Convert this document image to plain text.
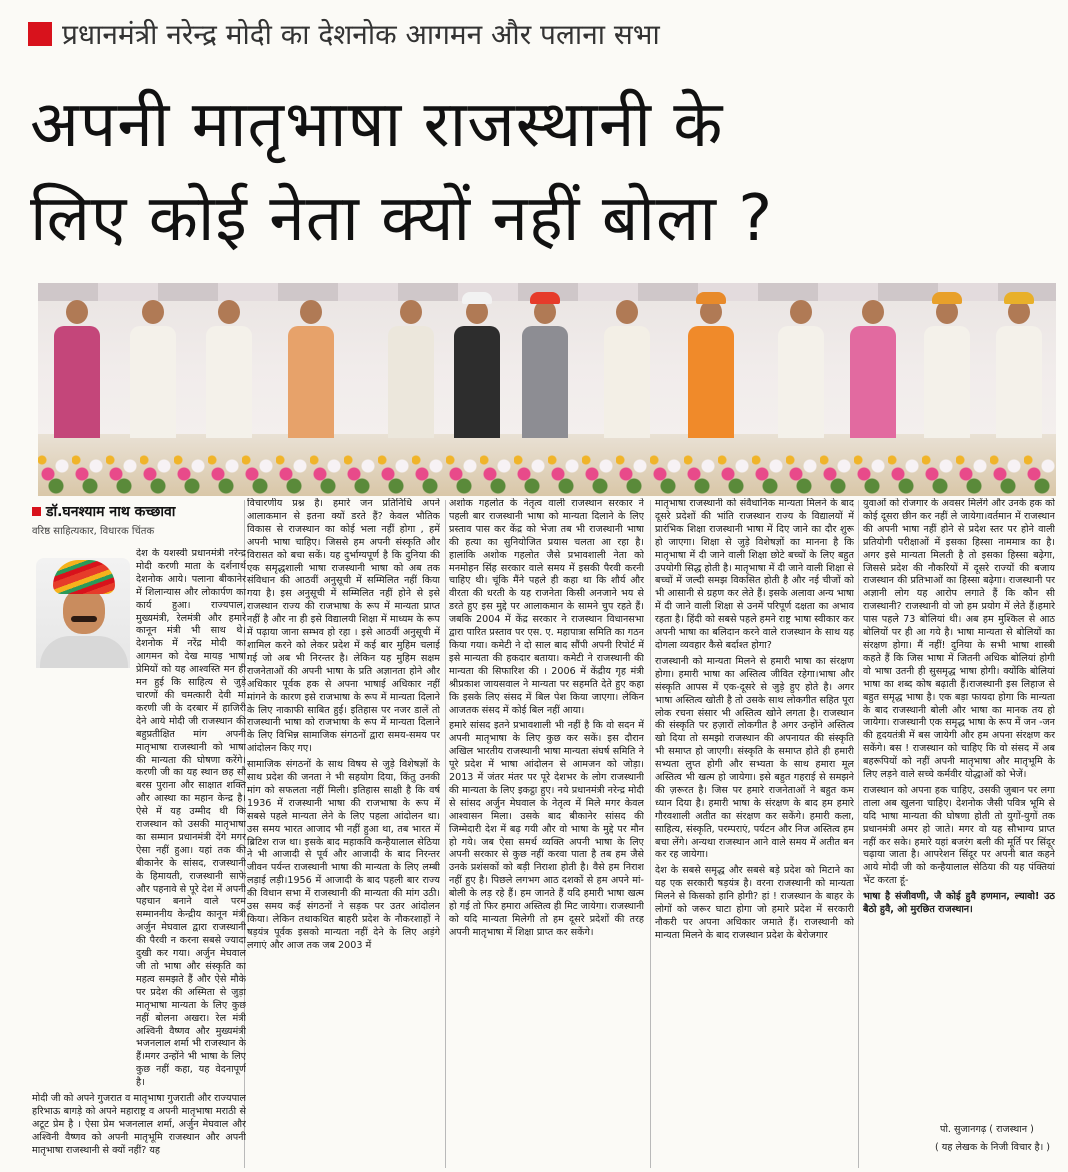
प्रधानमंत्री नरेन्द्र मोदी का देशनोक आगमन और पलाना सभा
अपनी मातृभाषा राजस्थानी के
लिए कोई नेता क्यों नहीं बोला ?
डॉ.घनश्याम नाथ कच्छावा
वरिष्ठ साहित्यकार, विधारक चिंतक

देश के यशस्वी प्रधानमंत्री नरेन्द्र मोदी करणी माता के दर्शनार्थ देशनोक आये। पलाना बीकानेर में शिलान्यास और लोकार्पण का कार्य हुआ। राज्यपाल, मुख्यमंत्री, रेलमंत्री और हमारे कानून मंत्री भी साथ थे। देशनोक में नरेंद्र मोदी का आगमन को देख मायड़ भाषा प्रेमियों को यह आश्वस्ति मन ही मन हुई कि साहित्य से जुड़े चारणों की चमत्कारी देवी मां करणी जी के दरबार में हाजिरी देने आये मोदी जी राजस्थान की बहुप्रतीक्षित मांग अपनी मातृभाषा राजस्थानी को भाषा की मान्यता की घोषणा करेंगे। करणी जी का यह स्थान छह सौ बरस पुराना और साक्षात शक्ति और आस्था का महान केन्द्र है। ऐसे में यह उम्मीद थी कि राजस्थान को उसकी मातृभाषा का सम्मान प्रधानमंत्री देंगे मगर ऐसा नहीं हुआ। यहां तक की बीकानेर के सांसद, राजस्थानी के हिमायती, राजस्थानी साफे और पहनावे से पूरे देश में अपनी पहचान बनाने वाले परम सम्माननीय केन्द्रीय कानून मंत्री अर्जुन मेघवाल द्वारा राजस्थानी की पैरवी न करना सबसे ज्यादा दुखी कर गया। अर्जुन मेघवाल जी तो भाषा और संस्कृति का महत्व समझते हैं और ऐसे मौके पर प्रदेश की अस्मिता से जुड़ा मातृभाषा मान्यता के लिए कुछ नहीं बोलना अखरा। रेल मंत्री अश्विनी वैष्णव और मुख्यमंत्री भजनलाल शर्मा भी राजस्थान के हैं।मगर उन्होंने भी भाषा के लिए कुछ नहीं कहा, यह वेदनापूर्ण है।

मोदी जी को अपने गुजरात व मातृभाषा गुजराती और राज्यपाल हरिभाऊ बागड़े को अपने महाराष्ट्र व अपनी मातृभाषा मराठी से अटूट प्रेम है । ऐसा प्रेम भजनलाल शर्मा, अर्जुन मेघवाल और अश्विनी वैष्णव को अपनी मातृभूमि राजस्थान और अपनी मातृभाषा राजस्थानी से क्यों नहीं? यह

विचारणीय प्रश्न है। हमारे जन प्रतिनिधि अपने आलाकमान से इतना क्यों डरते हैं? केवल भौतिक विकास से राजस्थान का कोई भला नहीं होगा , हमें अपनी भाषा चाहिए। जिससे हम अपनी संस्कृति और विरासत को बचा सकें। यह दुर्भाग्यपूर्ण है कि दुनिया की एक समृद्धशाली भाषा राजस्थानी भाषा को अब तक संविधान की आठवीं अनुसूची में सम्मिलित नहीं किया गया है। इस अनुसूची में सम्मिलित नहीं होने से इसे राजस्थान राज्य की राजभाषा के रूप में मान्यता प्राप्त नहीं है और ना ही इसे विद्यालयी शिक्षा में माध्यम के रूप में पढ़ाया जाना सम्भव हो रहा । इसे आठवीं अनुसूची में शामिल करने को लेकर प्रदेश में कई बार मुहिम चलाई गई जो अब भी निरन्तर है। लेकिन यह मुहिम सक्षम राजनेताओं की अपनी भाषा के प्रति अज्ञानता होने और अधिकार पूर्वक हक से अपना भाषाई अधिकार नहीं मांगने के कारण इसे राजभाषा के रूप में मान्यता दिलाने के लिए नाकाफी साबित हुई। इतिहास पर नजर डालें तो राजस्थानी भाषा को राजभाषा के रूप में मान्यता दिलाने के लिए विभिन्न सामाजिक संगठनों द्वारा समय-समय पर आंदोलन किए गए।

सामाजिक संगठनों के साथ विषय से जुड़े विशेषज्ञों के साथ प्रदेश की जनता ने भी सहयोग दिया, किंतु उनकी मांग को सफलता नहीं मिली। इतिहास साक्षी है कि वर्ष 1936 में राजस्थानी भाषा की राजभाषा के रूप में सबसे पहले मान्यता लेने के लिए पहला आंदोलन था। उस समय भारत आजाद भी नहीं हुआ था, तब भारत में ब्रिटिश राज था। इसके बाद महाकवि कन्हैयालाल सेठिया ने भी आजादी से पूर्व और आजादी के बाद निरन्तर जीवन पर्यन्त राजस्थानी भाषा की मान्यता के लिए लम्बी लड़ाई लड़ी।1956 में आजादी के बाद पहली बार राज्य की विधान सभा में राजस्थानी की मान्यता की मांग उठी। उस समय कई संगठनों ने सड़क पर उतर आंदोलन किया। लेकिन तथाकथित बाहरी प्रदेश के नौकरशाहों ने षड़यंत्र पूर्वक इसको मान्यता नहीं देने के लिए अड़ंगे लगाएं और आज तक जब 2003 में

अशोक गहलोत के नेतृत्व वाली राजस्थान सरकार ने पहली बार राजस्थानी भाषा को मान्यता दिलाने के लिए प्रस्ताव पास कर केंद्र को भेजा तब भी राजस्थानी भाषा की हत्या का सुनियोजित प्रयास चलता आ रहा है। हालांकि अशोक गहलोत जैसे प्रभावशाली नेता को मनमोहन सिंह सरकार वाले समय में इसकी पैरवी करनी चाहिए थी। चूंकि मैंने पहले ही कहा था कि शौर्य और वीरता की धरती के यह राजनेता किसी अनजाने भय से डरते हुए इस मुद्दे पर आलाकमान के सामने चुप रहते हैं। जबकि 2004 में केंद्र सरकार ने राजस्थान विधानसभा द्वारा पारित प्रस्ताव पर एस. ए. महापात्रा समिति का गठन किया गया। कमेटी ने दो साल बाद सौंपी अपनी रिपोर्ट में इसे मान्यता की हकदार बताया। कमेटी ने राजस्थानी की मान्यता की सिफारिश की । 2006 में केंद्रीय गृह मंत्री श्रीप्रकाश जायसवाल ने मान्यता पर सहमति देते हुए कहा कि इसके लिए संसद में बिल पेश किया जाएगा। लेकिन आजतक संसद में कोई बिल नहीं आया।

हमारे सांसद इतने प्रभावशाली भी नहीं है कि वो सदन में अपनी मातृभाषा के लिए कुछ कर सकें। इस दौरान अखिल भारतीय राजस्थानी भाषा मान्यता संघर्ष समिति ने पूरे प्रदेश में भाषा आंदोलन से आमजन को जोड़ा। 2013 में जंतर मंतर पर पूरे देशभर के लोग राजस्थानी की मान्यता के लिए इकट्ठा हुए। नये प्रधानमंत्री नरेन्द्र मोदी से सांसद अर्जुन मेघवाल के नेतृत्व में मिले मगर केवल आश्वासन मिला। उसके बाद बीकानेर सांसद की जिम्मेदारी देश में बढ़ गयी और वो भाषा के मुद्दे पर मौन हो गये। जब ऐसा समर्थ व्यक्ति अपनी भाषा के लिए अपनी सरकार से कुछ नहीं करवा पाता है तब हम जैसे उनके प्रशंसकों को बड़ी निराशा होती है। वैसे हम निराश नहीं हुए है। पिछले लगभग आठ दशकों से हम अपने मां- बोली के लड़ रहे हैं। हम जानते हैं यदि हमारी भाषा खत्म हो गई तो फिर हमारा अस्तित्व ही मिट जायेगा। राजस्थानी को यदि मान्यता मिलेगी तो हम दूसरे प्रदेशों की तरह अपनी मातृभाषा में शिक्षा प्राप्त कर सकेंगे।

मातृभाषा राजस्थानी को संवैधानिक मान्यता मिलने के बाद दूसरे प्रदेशों की भांति राजस्थान राज्य के विद्यालयों में प्रारंभिक शिक्षा राजस्थानी भाषा में दिए जाने का दौर शुरू हो जाएगा। शिक्षा से जुड़े विशेषज्ञों का मानना है कि मातृभाषा में दी जाने वाली शिक्षा छोटे बच्चों के लिए बहुत उपयोगी सिद्ध होती है। मातृभाषा में दी जाने वाली शिक्षा से बच्चों में जल्दी समझ विकसित होती है और नई चीजों को भी आसानी से ग्रहण कर लेते हैं। इसके अलावा अन्य भाषा में दी जाने वाली शिक्षा से उनमें परिपूर्ण दक्षता का अभाव रहता है। हिंदी को सबसे पहले हमने राष्ट्र भाषा स्वीकार कर अपनी भाषा का बलिदान करने वाले राजस्थान के साथ यह दोगला व्यवहार कैसे बर्दाश्त होगा?

राजस्थानी को मान्यता मिलने से हमारी भाषा का संरक्षण होगा। हमारी भाषा का अस्तित्व जीवित रहेगा।भाषा और संस्कृति आपस में एक-दूसरे से जुड़े हुए होते है। अगर भाषा अस्तित्व खोती है तो उसके साथ लोकगीत सहित पूरा लोक रचना संसार भी अस्तित्व खोने लगता है। राजस्थान की संस्कृति पर हज़ारों लोकगीत है अगर उन्होंने अस्तित्व खो दिया तो समझो राजस्थान की अपनायत की संस्कृति भी समाप्त हो जाएगी। संस्कृति के समाप्त होते ही हमारी सभ्यता लुप्त होगी और सभ्यता के साथ हमारा मूल अस्तित्व भी खत्म हो जायेगा। इसे बहुत गहराई से समझने की ज़रूरत है। जिस पर हमारे राजनेताओं ने बहुत कम ध्यान दिया है। हमारी भाषा के संरक्षण के बाद हम हमारे गौरवशाली अतीत का संरक्षण कर सकेंगे। हमारी कला, साहित्य, संस्कृति, परम्पराएं, पर्यटन और निज अस्तित्व हम बचा लेंगे। अन्यथा राजस्थान आने वाले समय में अतीत बन कर रह जायेगा।

देश के सबसे समृद्ध और सबसे बड़े प्रदेश को मिटाने का यह एक सरकारी षड़यंत्र है। वरना राजस्थानी को मान्यता मिलने से किसको हानि होगी? हां ! राजस्थान के बाहर के लोगों को जरूर घाटा होगा जो हमारे प्रदेश में सरकारी नौकरी पर अपना अधिकार जमाते हैं। राजस्थानी को मान्यता मिलने के बाद राजस्थान प्रदेश के बेरोजगार

युवाओं को रोजगार के अवसर मिलेंगे और उनके हक को कोई दूसरा छीन कर नहीं ले जायेगा।वर्तमान में राजस्थान की अपनी भाषा नहीं होने से प्रदेश स्तर पर होने वाली प्रतियोगी परीक्षाओं में इसका हिस्सा नाममात्र का है। अगर इसे मान्यता मिलती है तो इसका हिस्सा बढ़ेगा, जिससे प्रदेश की नौकरियों में दूसरे राज्यों की बजाय राजस्थान की प्रतिभाओं का हिस्सा बढ़ेगा। राजस्थानी पर अज्ञानी लोग यह आरोप लगाते हैं कि कौन सी राजस्थानी? राजस्थानी वो जो हम प्रयोग में लेते हैं।हमारे पास पहले 73 बोलियां थी। अब हम मुश्किल से आठ बोलियों पर ही आ गये है। भाषा मान्यता से बोलियों का संरक्षण होगा। मैं नहीं! दुनिया के सभी भाषा शास्त्री कहते हैं कि जिस भाषा में जितनी अधिक बोलियां होगी वो भाषा उतनी ही सुसमृद्ध भाषा होगी। क्योंकि बोलियां भाषा का शब्द कोष बढ़ाती हैं।राजस्थानी इस लिहाज से बहुत समृद्ध भाषा है। एक बड़ा फायदा होगा कि मान्यता के बाद राजस्थानी बोली और भाषा का मानक तय हो जायेगा। राजस्थानी एक समृद्ध भाषा के रूप में जन -जन की हृदयतंत्री में बस जायेगी और हम अपना संरक्षण कर सकेंगे। बस ! राजस्थान को चाहिए कि वो संसद में अब बहरूपियों को नहीं अपनी मातृभाषा और मातृभूमि के लिए लड़ने वाले सच्चे कर्मवीर योद्धाओं को भेजें।

राजस्थान को अपना हक चाहिए, उसकी जुबान पर लगा ताला अब खुलना चाहिए। देशनोक जैसी पवित्र भूमि से यदि भाषा मान्यता की घोषणा होती तो युगों-युगों तक प्रधानमंत्री अमर हो जाते। मगर वो यह सौभाग्य प्राप्त नहीं कर सके। हमारे यहां बजरंग बली की मूर्ति पर सिंदूर चढ़ाया जाता है। आपरेशन सिंदूर पर अपनी बात कहने आये मोदी जी को कन्हैयालाल सेठिया की यह पंक्तियां भेंट करता हूं-

भाषा है संजीवणी, जै कोई हुवै हणमान, ल्यावो! उठ बैठो हुवै, ओ मुरछित राजस्थान।

पो. सुजानगढ़ ( राजस्थान )
( यह लेखक के निजी विचार है। )
